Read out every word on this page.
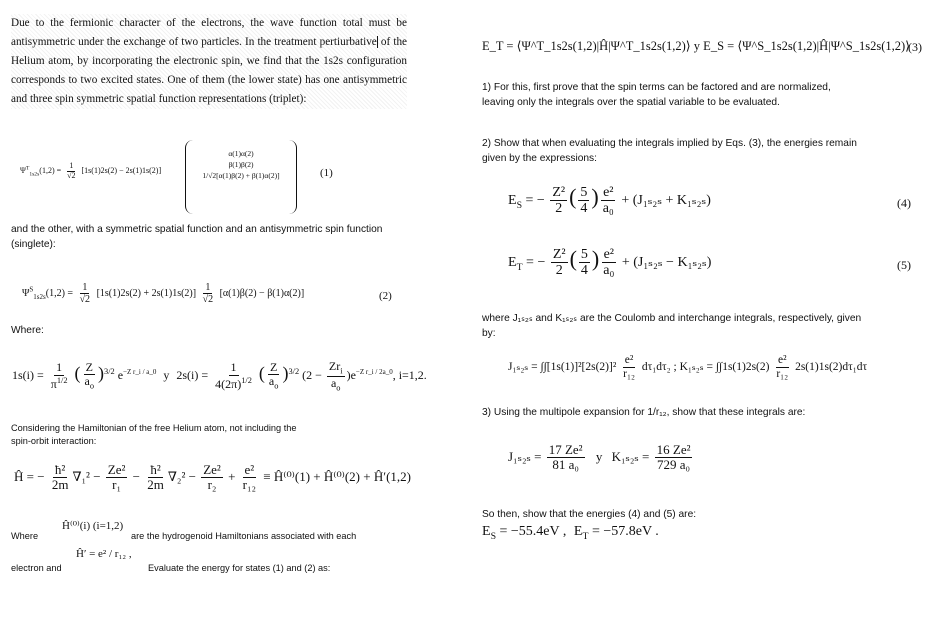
Due to the fermionic character of the electrons, the wave function total must be antisymmetric under the exchange of two particles. In the treatment pertiurbative of the Helium atom, by incorporating the electronic spin, we find that the 1s2s configuration corresponds to two excited states. One of them (the lower state) has one antisymmetric and three spin symmetric spatial function representations (triplet):
$\Psi^T_{1s2s}(1,2) = \frac{1}{√2} [1s(1)2s(2) - 2s(1)1s(2)]$
α(1)α(2)
β(1)β(2)
1/√2[α(1)β(2) + β(1)α(2)]	(1)
and the other, with a symmetric spatial function and an antisymmetric spin function (singlete):
$\Psi^S_{1s2s}(1,2) = \frac{1}{√2} [1s(1)2s(2) + 2s(1)1s(2)] \frac{1}{√2} [\alpha(1)\beta(2) - \beta(1)\alpha(2)]$	(2)
Where:
$1s(i) = \frac{1}{\pi^{1/2}}$ ( $\frac{Z}{a_o} )^{3/2}$ $e^{-Z r\_i / a\_0}$ y $2s(i) = \frac{1}{4(2\pi)^{1/2}}$ ( $\frac{Z}{a_o} )^{3/2}$ $(2 - \frac{Zr_i}{a_o} )e^{-Z r\_i / 2a\_0}$, i=1,2.
Considering the Hamiltonian of the free Helium atom, not including the spin-orbit interaction:
Ĥ = − $\frac{\text{ħ²}}{2m} \nabla_1^2 - \frac{\text{Ze²}}{\text{r₁}} - \frac{\text{ħ²}}{2m} \nabla_2^2 - \frac{\text{Ze²}}{\text{r₂}} + \frac{\text{e²}}{\text{r₁₂}}$ ≡ Ĥ⁽⁰⁾(1) + Ĥ⁽⁰⁾(2) + Ĥ′(1,2)
Where
Ĥ⁽⁰⁾(i) (i=1,2)
are the hydrogenoid Hamiltonians associated with each
electron and
Ĥ′ = e² / r₁₂ ,
Evaluate the energy for states (1) and (2) as:
E_T = ⟨Ψ^T_1s2s(1,2)|Ĥ|Ψ^T_1s2s(1,2)⟩ y E_S = ⟨Ψ^S_1s2s(1,2)|Ĥ|Ψ^S_1s2s(1,2)⟩
(3)
1) For this, first prove that the spin terms can be factored and are normalized, leaving only the integrals over the spatial variable to be evaluated.
2) Show that when evaluating the integrals implied by Eqs. (3), the energies remain given by the expressions:
$E_S$ = − $\frac{\text{Z²}}{2}$ ( $\frac{5}{4}$ ) $\frac{\text{e²}}{\text{a₀}} + (J_{1s2s} + K_{1s2s})$	(4)
$E_T$ = − $\frac{\text{Z²}}{2}$ ( $\frac{5}{4}$ ) $\frac{\text{e²}}{\text{a₀}} + (J_{1s2s} - K_{1s2s})$	(5)
where J₁ₛ₂ₛ and K₁ₛ₂ₛ are the Coulomb and interchange integrals, respectively, given by:
$J_{1s2s} = \int\int[1s(1)]^2[2s(2)]^2 \frac{\text{e²}}{\text{r₁₂}} d\tau_1d\tau_2$ ; $K_{1s2s} = \int\int 1s(1)2s(2) \frac{\text{e²}}{\text{r₁₂}} 2s(1)1s(2)d\tau_1d\tau$
3) Using the multipole expansion for 1/r₁₂, show that these integrals are:
$J_{1s2s} = \frac{\text{17 Ze²}}{\text{81 a₀}}$ y $K_{1s2s} = \frac{\text{16 Ze²}}{\text{729 a₀}}$
So then, show that the energies (4) and (5) are:
$E_S = -55.4eV$ , $E_T = -57.8eV$ .
